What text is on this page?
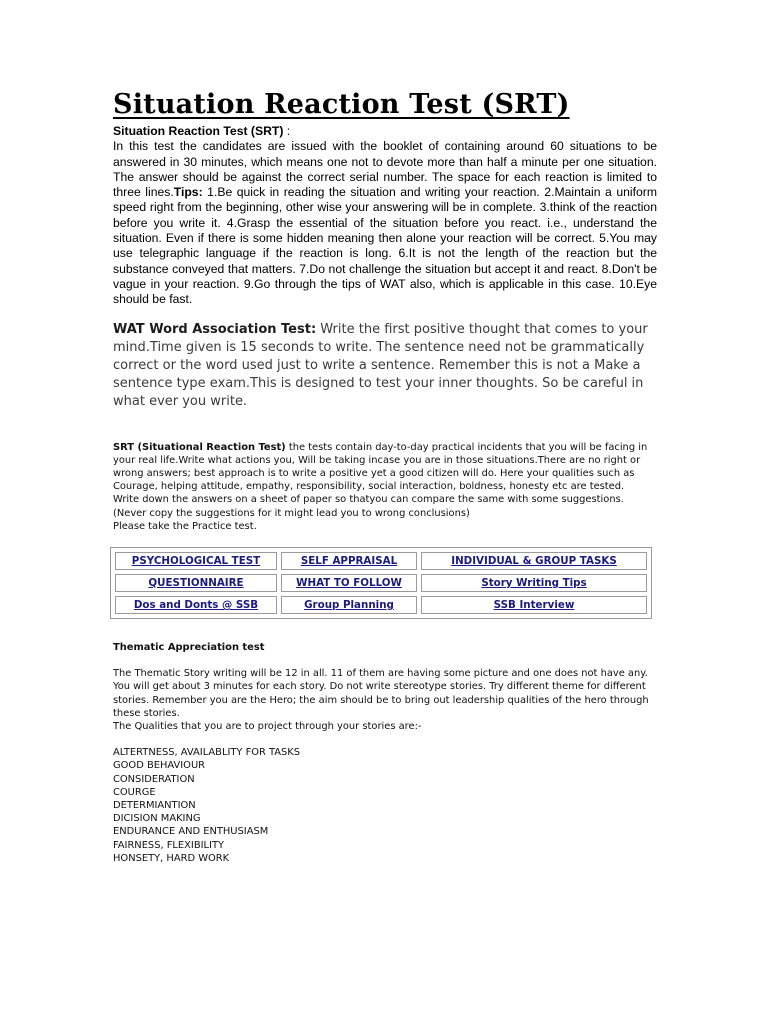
Situation Reaction Test (SRT)
Situation Reaction Test (SRT) :
In this test the candidates are issued with the booklet of containing around 60 situations to be answered in 30 minutes, which means one not to devote more than half a minute per one situation. The answer should be against the correct serial number. The space for each reaction is limited to three lines.Tips: 1.Be quick in reading the situation and writing your reaction. 2.Maintain a uniform speed right from the beginning, other wise your answering will be in complete. 3.think of the reaction before you write it. 4.Grasp the essential of the situation before you react. i.e., understand the situation. Even if there is some hidden meaning then alone your reaction will be correct. 5.You may use telegraphic language if the reaction is long. 6.It is not the length of the reaction but the substance conveyed that matters. 7.Do not challenge the situation but accept it and react. 8.Don't be vague in your reaction. 9.Go through the tips of WAT also, which is applicable in this case. 10.Eye should be fast.
WAT Word Association Test: Write the first positive thought that comes to your mind.Time given is 15 seconds to write. The sentence need not be grammatically correct or the word used just to write a sentence. Remember this is not a Make a sentence type exam.This is designed to test your inner thoughts. So be careful in what ever you write.
SRT (Situational Reaction Test) the tests contain day-to-day practical incidents that you will be facing in your real life.Write what actions you, Will be taking incase you are in those situations.There are no right or wrong answers; best approach is to write a positive yet a good citizen will do. Here your qualities such as Courage, helping attitude, empathy, responsibility, social interaction, boldness, honesty etc are tested. Write down the answers on a sheet of paper so thatyou can compare the same with some suggestions. (Never copy the suggestions for it might lead you to wrong conclusions)
Please take the Practice test.
PSYCHOLOGICAL TEST	SELF APPRAISAL	INDIVIDUAL & GROUP TASKS
QUESTIONNAIRE	WHAT TO FOLLOW	Story Writing Tips
Dos and Donts @ SSB	Group Planning	SSB Interview
Thematic Appreciation test
The Thematic Story writing will be 12 in all. 11 of them are having some picture and one does not have any. You will get about 3 minutes for each story. Do not write stereotype stories. Try different theme for different stories. Remember you are the Hero; the aim should be to bring out leadership qualities of the hero through these stories.
The Qualities that you are to project through your stories are:-
ALTERTNESS, AVAILABLITY FOR TASKS
GOOD BEHAVIOUR
CONSIDERATION
COURGE
DETERMIANTION
DICISION MAKING
ENDURANCE AND ENTHUSIASM
FAIRNESS, FLEXIBILITY
HONSETY, HARD WORK
